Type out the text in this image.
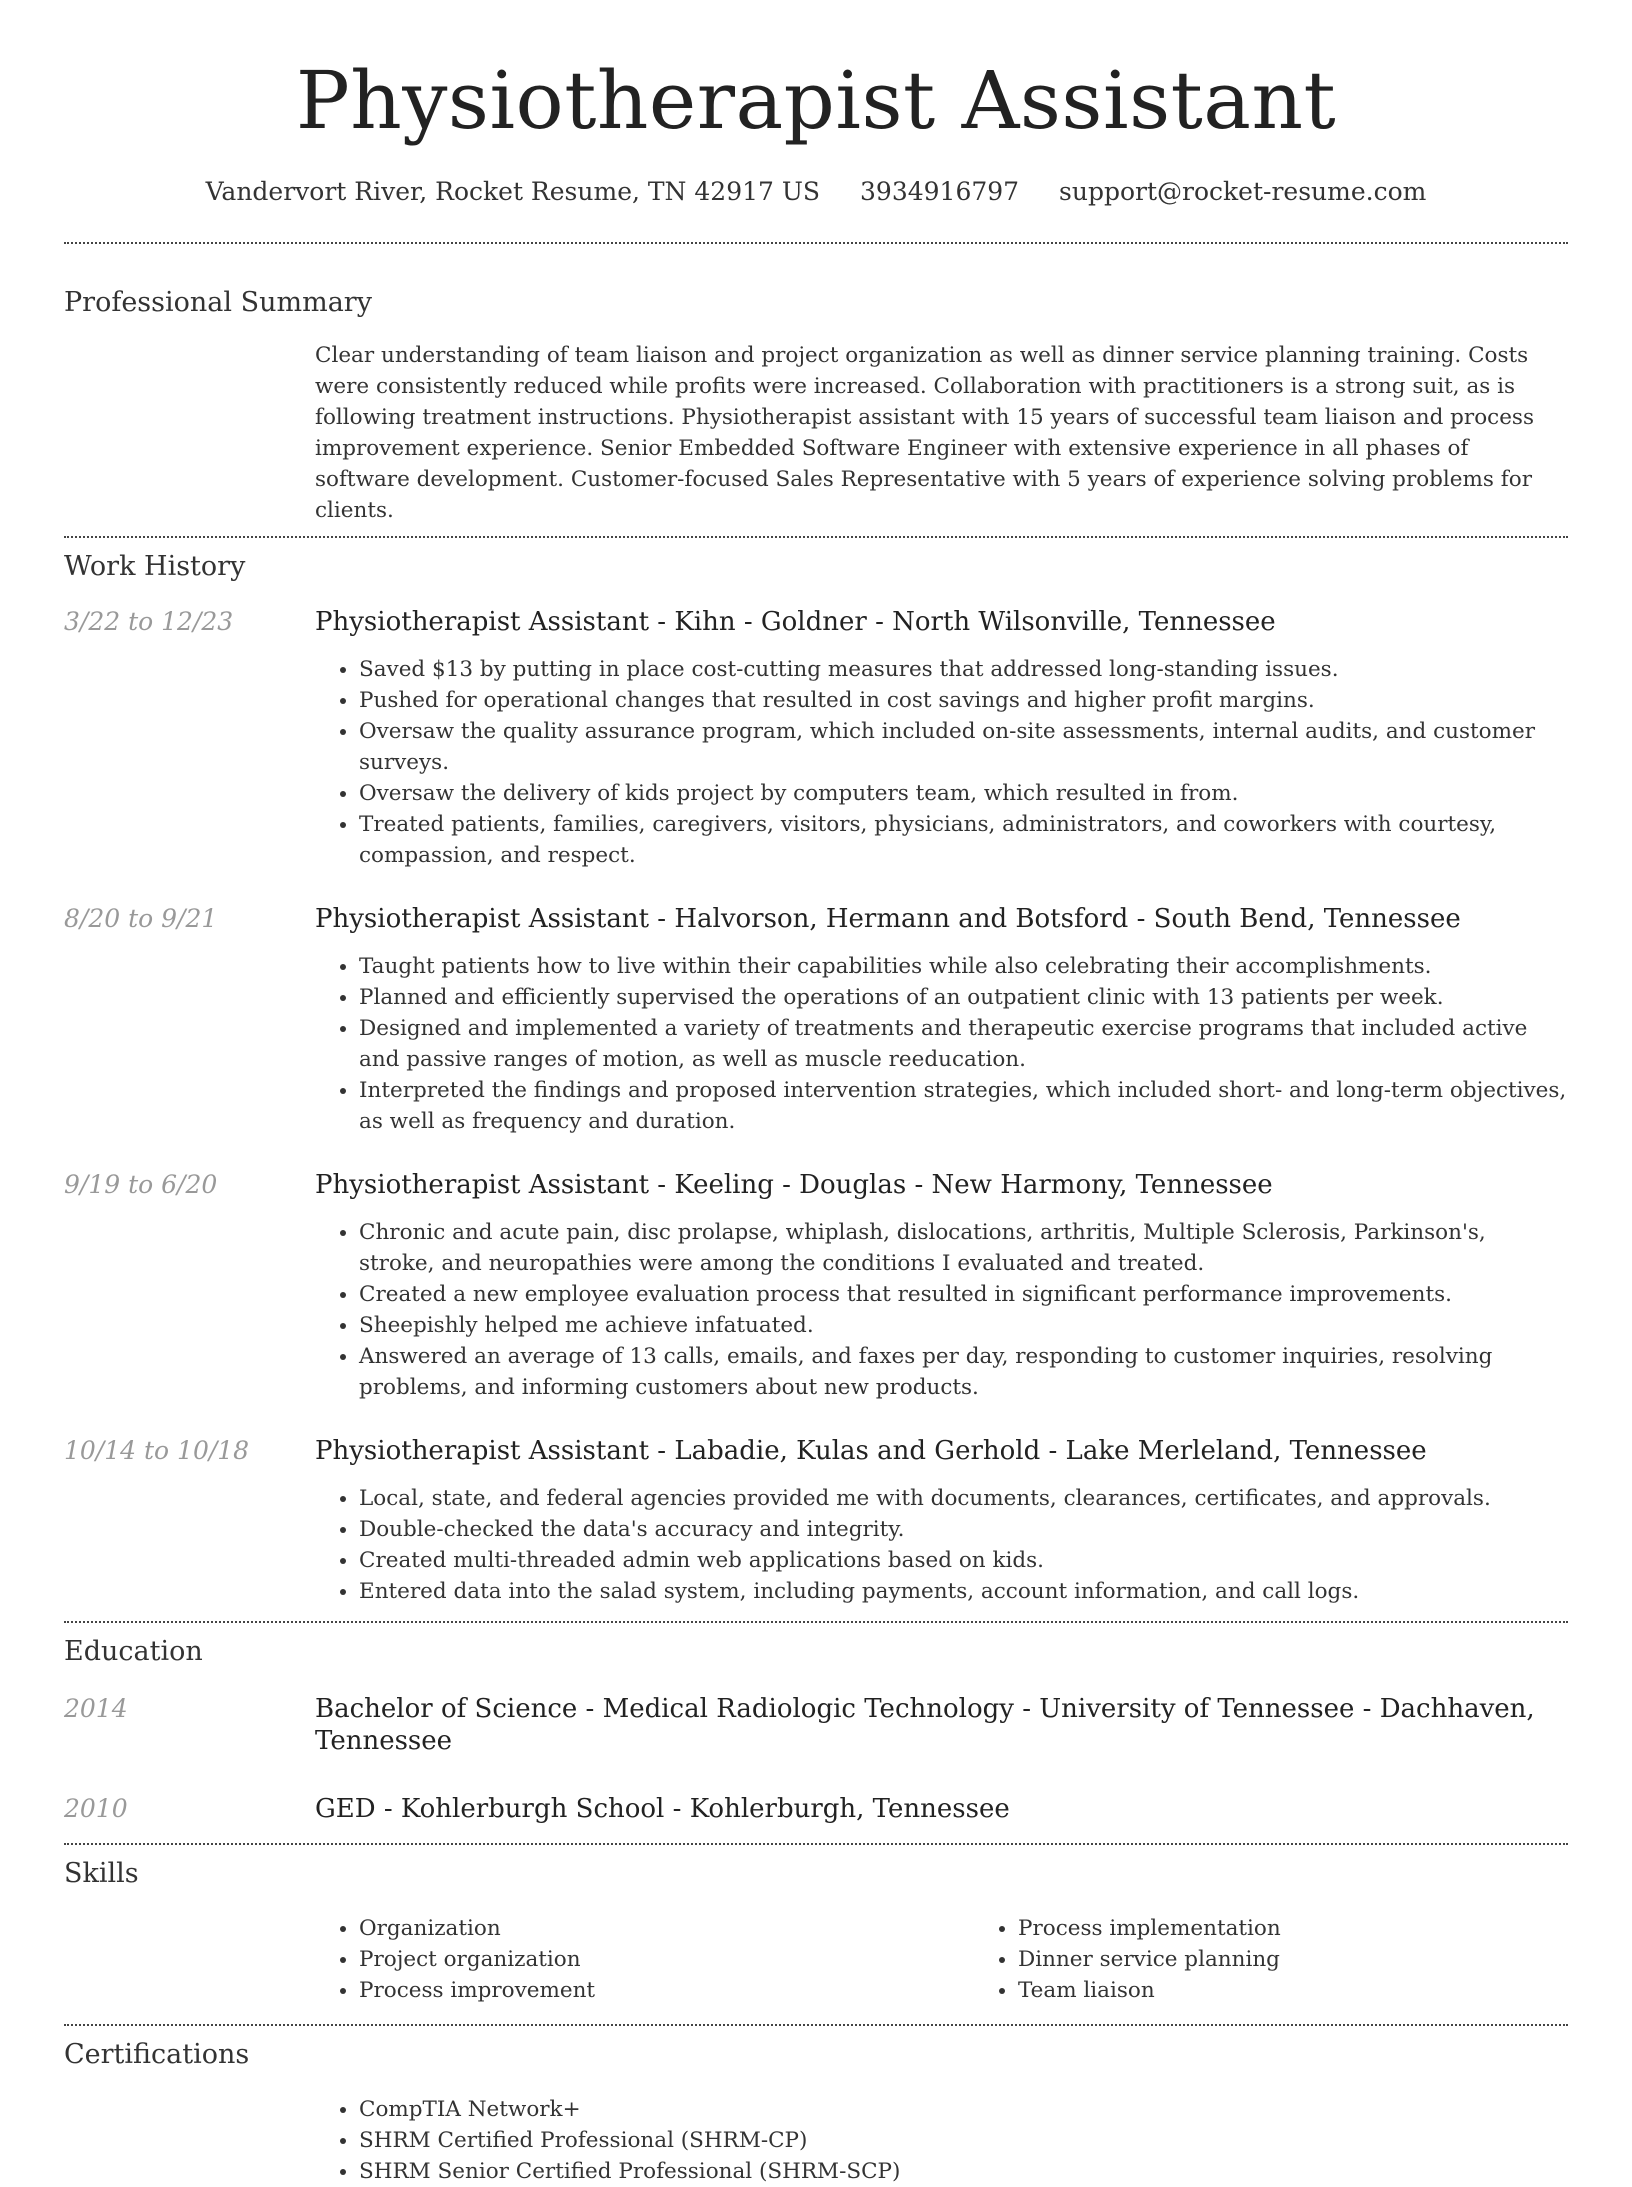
Physiotherapist Assistant
Vandervort River, Rocket Resume, TN 42917 US 3934916797 support@rocket-resume.com
Professional Summary
Clear understanding of team liaison and project organization as well as dinner service planning training. Costs were consistently reduced while profits were increased. Collaboration with practitioners is a strong suit, as is following treatment instructions. Physiotherapist assistant with 15 years of successful team liaison and process improvement experience. Senior Embedded Software Engineer with extensive experience in all phases of software development. Customer-focused Sales Representative with 5 years of experience solving problems for clients.
Work History
3/22 to 12/23	Physiotherapist Assistant - Kihn - Goldner - North Wilsonville, Tennessee
• Saved $13 by putting in place cost-cutting measures that addressed long-standing issues.
• Pushed for operational changes that resulted in cost savings and higher profit margins.
• Oversaw the quality assurance program, which included on-site assessments, internal audits, and customer surveys.
• Oversaw the delivery of kids project by computers team, which resulted in from.
• Treated patients, families, caregivers, visitors, physicians, administrators, and coworkers with courtesy, compassion, and respect.
8/20 to 9/21	Physiotherapist Assistant - Halvorson, Hermann and Botsford - South Bend, Tennessee
• Taught patients how to live within their capabilities while also celebrating their accomplishments.
• Planned and efficiently supervised the operations of an outpatient clinic with 13 patients per week.
• Designed and implemented a variety of treatments and therapeutic exercise programs that included active and passive ranges of motion, as well as muscle reeducation.
• Interpreted the findings and proposed intervention strategies, which included short- and long-term objectives, as well as frequency and duration.
9/19 to 6/20	Physiotherapist Assistant - Keeling - Douglas - New Harmony, Tennessee
• Chronic and acute pain, disc prolapse, whiplash, dislocations, arthritis, Multiple Sclerosis, Parkinson's, stroke, and neuropathies were among the conditions I evaluated and treated.
• Created a new employee evaluation process that resulted in significant performance improvements.
• Sheepishly helped me achieve infatuated.
• Answered an average of 13 calls, emails, and faxes per day, responding to customer inquiries, resolving problems, and informing customers about new products.
10/14 to 10/18	Physiotherapist Assistant - Labadie, Kulas and Gerhold - Lake Merleland, Tennessee
• Local, state, and federal agencies provided me with documents, clearances, certificates, and approvals.
• Double-checked the data's accuracy and integrity.
• Created multi-threaded admin web applications based on kids.
• Entered data into the salad system, including payments, account information, and call logs.
Education
2014	Bachelor of Science - Medical Radiologic Technology - University of Tennessee - Dachhaven, Tennessee
2010	GED - Kohlerburgh School - Kohlerburgh, Tennessee
Skills
• Organization
• Project organization
• Process improvement
• Process implementation
• Dinner service planning
• Team liaison
Certifications
• CompTIA Network+
• SHRM Certified Professional (SHRM-CP)
• SHRM Senior Certified Professional (SHRM-SCP)
